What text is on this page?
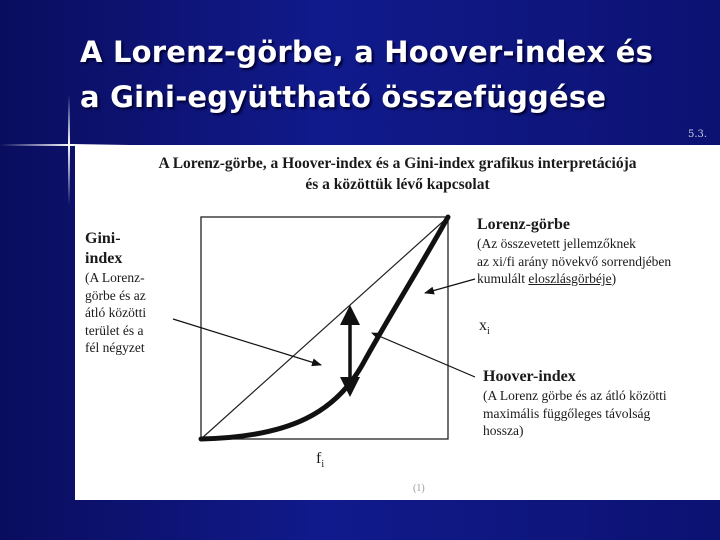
A Lorenz-görbe, a Hoover-index és
a Gini-együttható összefüggése
5.3.
A Lorenz-görbe, a Hoover-index és a Gini-index grafikus interpretációja
és a közöttük lévő kapcsolat
Gini-
index
(A Lorenz-
görbe és az
átló közötti
terület és a
fél négyzet
Lorenz-görbe
(Az összevetett jellemzőknek
az xi/fi arány növekvő sorrendjében
kumulált eloszlásgörbéje)
Hoover-index
(A Lorenz görbe és az átló közötti
maximális függőleges távolság
hossza)
$x_i$
$f_i$
(1)
